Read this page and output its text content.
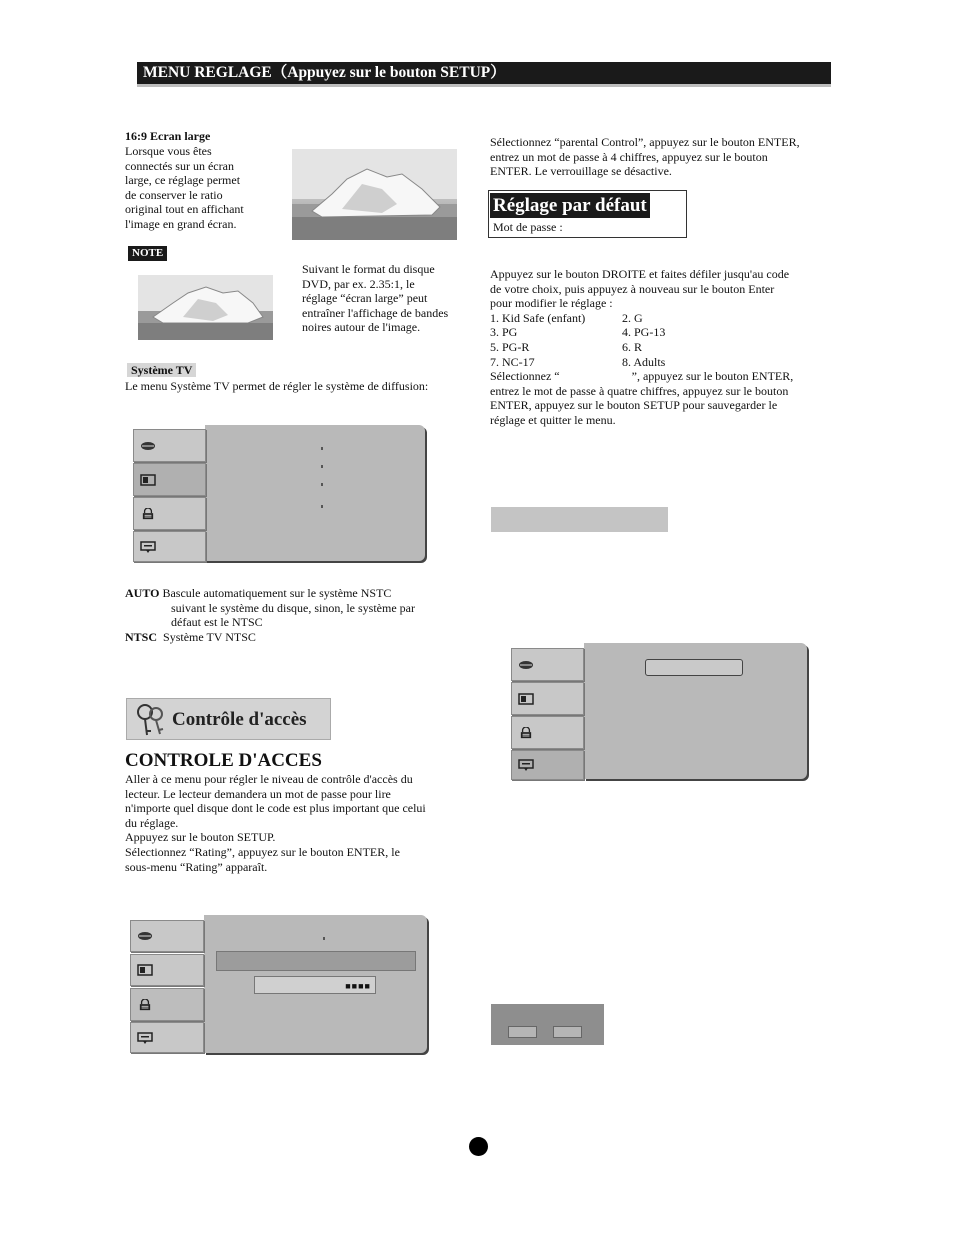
MENU REGLAGE（Appuyez sur le bouton SETUP）
16:9 Ecran large
Lorsque vous êtes
connectés sur un écran
large, ce réglage permet
de conserver le ratio
original tout en affichant
l'image en grand écran.
NOTE
Suivant le format du disque
DVD, par ex. 2.35:1, le
réglage “écran large” peut
entraîner l'affichage de bandes
noires autour de l'image.
Système TV
Le menu Système TV permet de régler le système de diffusion:
AUTO Bascule automatiquement sur le système NSTC
suivant le système du disque, sinon, le système par
défaut est le NTSC
NTSC Système TV NTSC
Contrôle d'accès
CONTROLE D'ACCES
Aller à ce menu pour régler le niveau de contrôle d'accès du
lecteur. Le lecteur demandera un mot de passe pour lire
n'importe quel disque dont le code est plus important que celui
du réglage.
Appuyez sur le bouton SETUP.
Sélectionnez “Rating”, appuyez sur le bouton ENTER, le
sous-menu “Rating” apparaît.
■■■■
Sélectionnez “parental Control”, appuyez sur le bouton ENTER,
entrez un mot de passe à 4 chiffres, appuyez sur le bouton
ENTER. Le verrouillage se désactive.
Réglage par défaut
Mot de passe :
Appuyez sur le bouton DROITE et faites défiler jusqu'au code
de votre choix, puis appuyez à nouveau sur le bouton Enter
pour modifier le réglage :
1. Kid Safe (enfant)
3. PG
5. PG-R
7. NC-17
2. G
4. PG-13
6. R
8. Adults
Sélectionnez “	”, appuyez sur le bouton ENTER,
entrez le mot de passe à quatre chiffres, appuyez sur le bouton
ENTER, appuyez sur le bouton SETUP pour sauvegarder le
réglage et quitter le menu.
